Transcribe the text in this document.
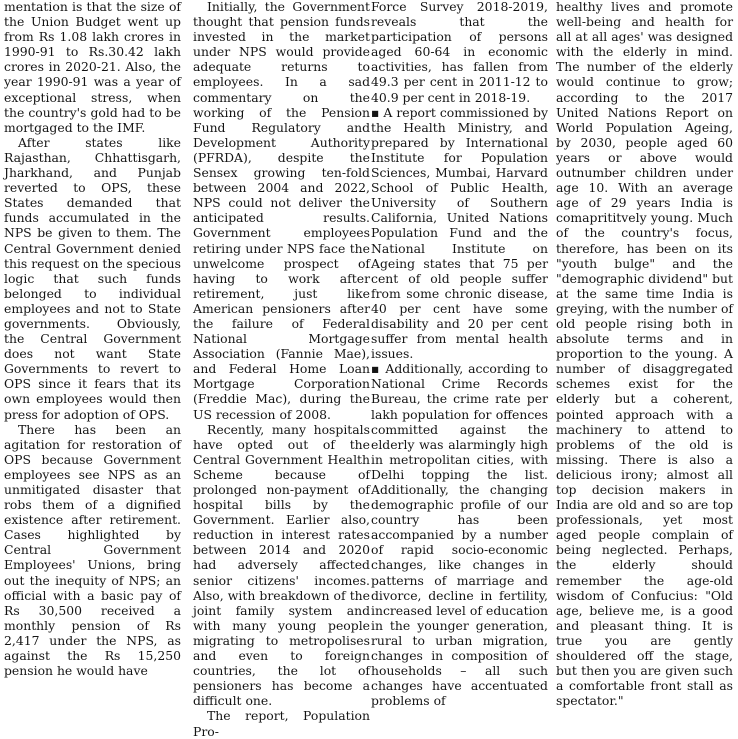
mentation is that the size of the Union Budget went up from Rs 1.08 lakh crores in 1990-91 to Rs.30.42 lakh crores in 2020-21. Also, the year 1990-91 was a year of exceptional stress, when the country's gold had to be mortgaged to the IMF.

After states like Rajasthan, Chhattisgarh, Jharkhand, and Punjab reverted to OPS, these States demanded that funds accumulated in the NPS be given to them. The Central Government denied this request on the specious logic that such funds belonged to individual employees and not to State governments. Obviously, the Central Government does not want State Governments to revert to OPS since it fears that its own employees would then press for adoption of OPS.

There has been an agitation for restoration of OPS because Government employees see NPS as an unmitigated disaster that robs them of a dignified existence after retirement. Cases highlighted by Central Government Employees' Unions, bring out the inequity of NPS; an official with a basic pay of Rs 30,500 received a monthly pension of Rs 2,417 under the NPS, as against the Rs 15,250 pension he would have

Initially, the Government thought that pension funds invested in the market under NPS would provide adequate returns to employees. In a sad commentary on the working of the Pension Fund Regulatory and Development Authority (PFRDA), despite the Sensex growing ten-fold between 2004 and 2022, NPS could not deliver the anticipated results. Government employees retiring under NPS face the unwelcome prospect of having to work after retirement, just like American pensioners after the failure of Federal National Mortgage Association (Fannie Mae), and Federal Home Loan Mortgage Corporation (Freddie Mac), during the US recession of 2008.

Recently, many hospitals have opted out of the Central Government Health Scheme because of prolonged non-payment of hospital bills by the Government. Earlier also, reduction in interest rates between 2014 and 2020 had adversely affected senior citizens' incomes. Also, with breakdown of the joint family system and with many young people migrating to metropolises and even to foreign countries, the lot of pensioners has become a difficult one.

The report, Population Pro-

Force Survey 2018-2019, reveals that the participation of persons aged 60-64 in economic activities, has fallen from 49.3 per cent in 2011-12 to 40.9 per cent in 2018-19.

▪ A report commissioned by the Health Ministry, and prepared by International Institute for Population Sciences, Mumbai, Harvard School of Public Health, University of Southern California, United Nations Population Fund and the National Institute on Ageing states that 75 per cent of old people suffer from some chronic disease, 40 per cent have some disability and 20 per cent suffer from mental health issues.

▪ Additionally, according to National Crime Records Bureau, the crime rate per lakh population for offences committed against the elderly was alarmingly high in metropolitan cities, with Delhi topping the list. Additionally, the changing demographic profile of our country has been accompanied by a number of rapid socio-economic changes, like changes in patterns of marriage and divorce, decline in fertility, increased level of education in the younger generation, rural to urban migration, changes in composition of households – all such changes have accentuated problems of

healthy lives and promote well-being and health for all at all ages' was designed with the elderly in mind. The number of the elderly would continue to grow; according to the 2017 United Nations Report on World Population Ageing, by 2030, people aged 60 years or above would outnumber children under age 10. With an average age of 29 years India is comaprititvely young. Much of the country's focus, therefore, has been on its "youth bulge" and the "demographic dividend" but at the same time India is greying, with the number of old people rising both in absolute terms and in proportion to the young. A number of disaggregated schemes exist for the elderly but a coherent, pointed approach with a machinery to attend to problems of the old is missing. There is also a delicious irony; almost all top decision makers in India are old and so are top professionals, yet most aged people complain of being neglected. Perhaps, the elderly should remember the age-old wisdom of Confucius: "Old age, believe me, is a good and pleasant thing. It is true you are gently shouldered off the stage, but then you are given such a comfortable front stall as spectator."
